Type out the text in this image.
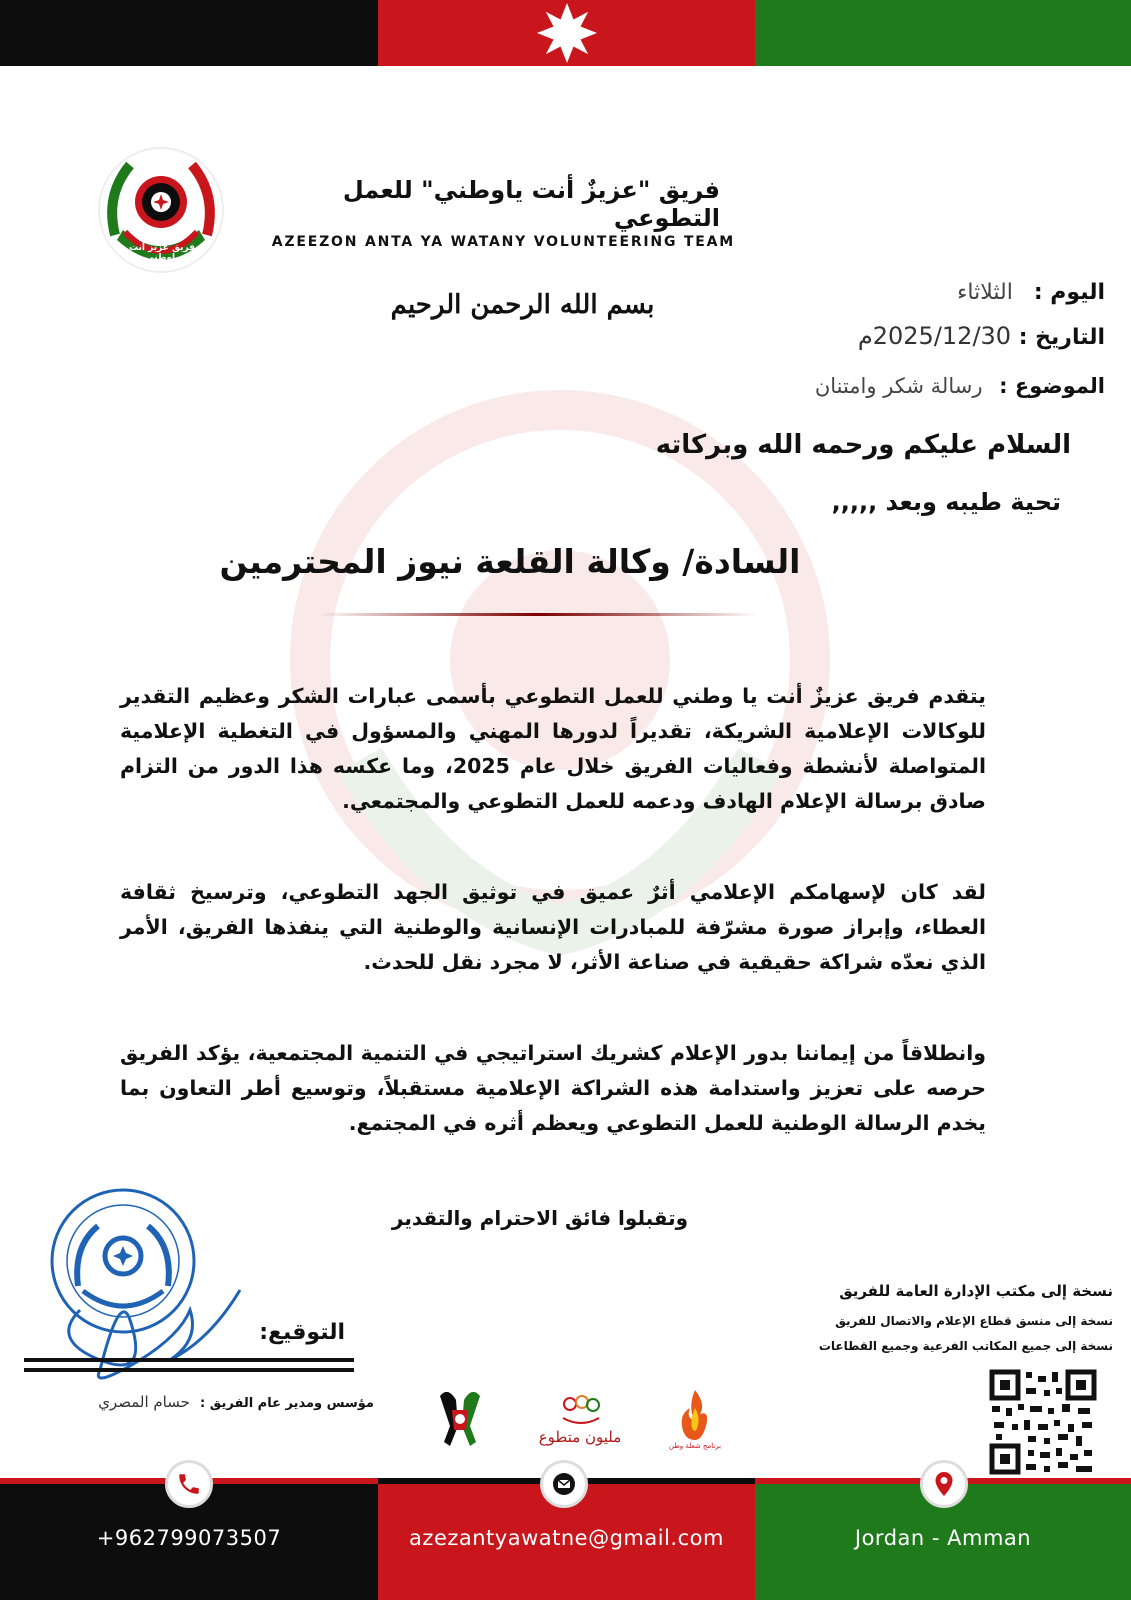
فريق عزيزٌ أنت ياوطني
فريق "عزيزٌ أنت ياوطني" للعمل التطوعي
AZEEZON ANTA YA WATANY VOLUNTEERING TEAM
بسم الله الرحمن الرحيم	اليوم : الثلاثاء
التاريخ : 2025/12/30م
الموضوع : رسالة شكر وامتنان
السلام عليكم ورحمه الله وبركاته
تحية طيبه وبعد ,,,,,
السادة/ وكالة القلعة نيوز المحترمين
يتقدم فريق عزيزٌ أنت يا وطني للعمل التطوعي بأسمى عبارات الشكر وعظيم التقدير للوكالات الإعلامية الشريكة، تقديراً لدورها المهني والمسؤول في التغطية الإعلامية المتواصلة لأنشطة وفعاليات الفريق خلال عام 2025، وما عكسه هذا الدور من التزام صادق برسالة الإعلام الهادف ودعمه للعمل التطوعي والمجتمعي.
لقد كان لإسهامكم الإعلامي أثرٌ عميق في توثيق الجهد التطوعي، وترسيخ ثقافة العطاء، وإبراز صورة مشرّفة للمبادرات الإنسانية والوطنية التي ينفذها الفريق، الأمر الذي نعدّه شراكة حقيقية في صناعة الأثر، لا مجرد نقل للحدث.
وانطلاقاً من إيماننا بدور الإعلام كشريك استراتيجي في التنمية المجتمعية، يؤكد الفريق حرصه على تعزيز واستدامة هذه الشراكة الإعلامية مستقبلاً، وتوسيع أطر التعاون بما يخدم الرسالة الوطنية للعمل التطوعي ويعظم أثره في المجتمع.
وتقبلوا فائق الاحترام والتقدير
التوقيع:
مؤسس ومدير عام الفريق : حسام المصري
مليون متطوع	برنامج شعلة وطن
نسخة إلى مكتب الإدارة العامة للفريق
نسخة إلى منسق قطاع الإعلام والاتصال للفريق
نسخة إلى جميع المكاتب الفرعية وجميع القطاعات
+962799073507	azezantyawatne@gmail.com	Jordan - Amman
